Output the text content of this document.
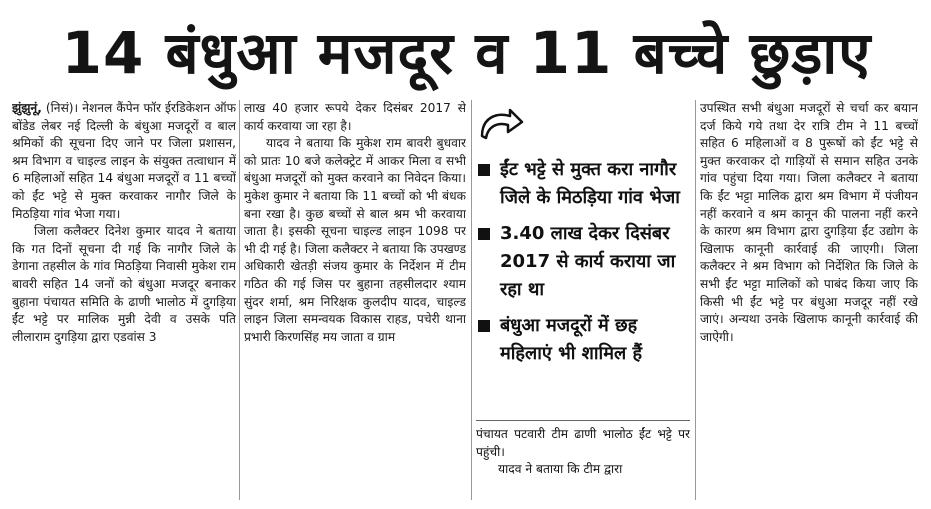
14 बंधुआ मजदूर व 11 बच्चे छुड़ाए

झुंझुनूं, (निसं)। नेशनल कैंपेन फॉर ईरडिकेशन ऑफ बोंडेड लेबर नई दिल्ली के बंधुआ मजदूरों व बाल श्रमिकों की सूचना दिए जाने पर जिला प्रशासन, श्रम विभाग व चाइल्ड लाइन के संयुक्त तत्वाधान में 6 महिलाओं सहित 14 बंधुआ मजदूरों व 11 बच्चों को ईंट भट्टे से मुक्त करवाकर नागौर जिले के मिठड़िया गांव भेजा गया।

जिला कलैक्टर दिनेश कुमार यादव ने बताया कि गत दिनों सूचना दी गई कि नागौर जिले के डेगाना तहसील के गांव मिठड़िया निवासी मुकेश राम बावरी सहित 14 जनों को बंधुआ मजदूर बनाकर बुहाना पंचायत समिति के ढाणी भालोठ में दुगड़िया ईंट भट्टे पर मालिक मुन्नी देवी व उसके पति लीलाराम दुगड़िया द्वारा एडवांस 3

लाख 40 हजार रूपये देकर दिसंबर 2017 से कार्य करवाया जा रहा है।

यादव ने बताया कि मुकेश राम बावरी बुधवार को प्रातः 10 बजे कलेक्ट्रेट में आकर मिला व सभी बंधुआ मजदूरों को मुक्त करवाने का निवेदन किया। मुकेश कुमार ने बताया कि 11 बच्चों को भी बंधक बना रखा है। कुछ बच्चों से बाल श्रम भी करवाया जाता है। इसकी सूचना चाइल्ड लाइन 1098 पर भी दी गई है। जिला कलैक्टर ने बताया कि उपखण्ड अधिकारी खेतड़ी संजय कुमार के निर्देशन में टीम गठित की गई जिस पर बुहाना तहसीलदार श्याम सुंदर शर्मा, श्रम निरिक्षक कुलदीप यादव, चाइल्ड लाइन जिला समन्वयक विकास राहड, पचेरी थाना प्रभारी किरणसिंह मय जाता व ग्राम

ईंट भट्टे से मुक्त करा नागौर जिले के मिठड़िया गांव भेजा
3.40 लाख देकर दिसंबर 2017 से कार्य कराया जा रहा था
बंधुआ मजदूरों में छह महिलाएं भी शामिल हैं

पंचायत पटवारी टीम ढाणी भालोठ ईंट भट्टे पर पहुंची।

यादव ने बताया कि टीम द्वारा

उपस्थित सभी बंधुआ मजदूरों से चर्चा कर बयान दर्ज किये गये तथा देर रात्रि टीम ने 11 बच्चों सहित 6 महिलाओं व 8 पुरूषों को ईंट भट्टे से मुक्त करवाकर दो गाड़ियों से समान सहित उनके गांव पहुंचा दिया गया। जिला कलैक्टर ने बताया कि ईंट भट्टा मालिक द्वारा श्रम विभाग में पंजीयन नहीं करवाने व श्रम कानून की पालना नहीं करने के कारण श्रम विभाग द्वारा दुगड़िया ईंट उद्योग के खिलाफ कानूनी कार्रवाई की जाएगी। जिला कलैक्टर ने श्रम विभाग को निर्देशित कि जिले के सभी ईंट भट्टा मालिकों को पाबंद किया जाए कि किसी भी ईंट भट्टे पर बंधुआ मजदूर नहीं रखे जाएं। अन्यथा उनके खिलाफ कानूनी कार्रवाई की जाऐगी।
